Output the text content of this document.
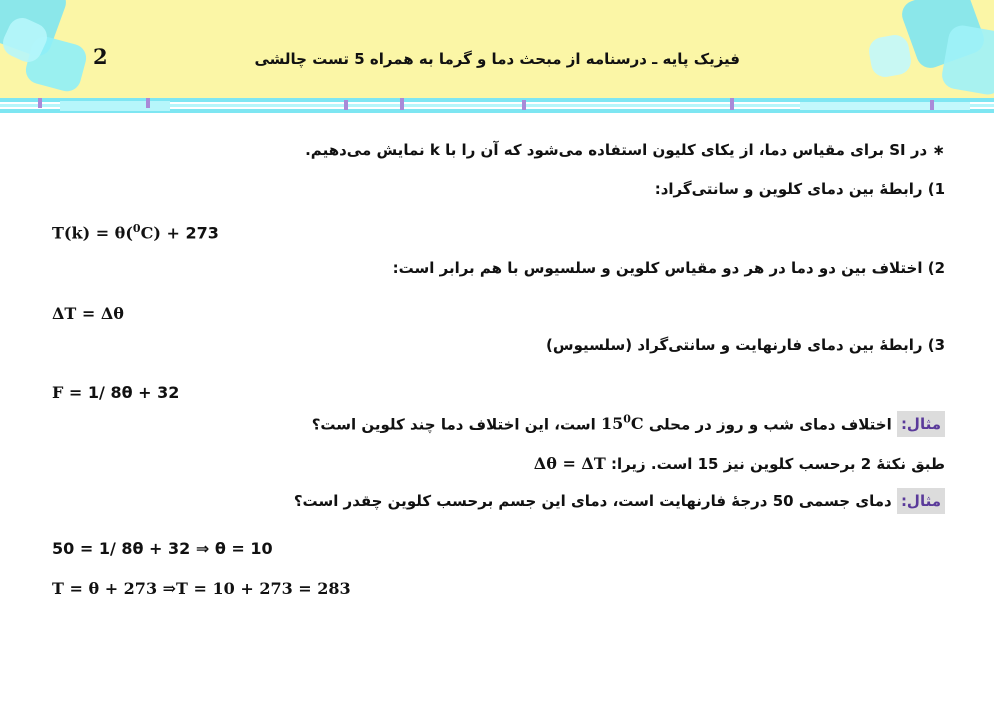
2	فیزیک پایه ـ درسنامه از مبحث دما و گرما به همراه 5 تست چالشی
∗ در SI برای مقیاس دما، از یکای کلیون استفاده می‌شود که آن را با k نمایش می‌دهیم.
1) رابطهٔ بین دمای کلوین و سانتی‌گراد:
T(k) = θ($^0$C) + 273
2) اختلاف بین دو دما در هر دو مقیاس کلوین و سلسیوس با هم برابر است:
ΔT = Δθ
3) رابطهٔ بین دمای فارنهایت و سانتی‌گراد (سلسیوس)
F = 1/ 8θ + 32
مثال: اختلاف دمای شب و روز در محلی $15^0C$ است، این اختلاف دما چند کلوین است؟
طبق نکتهٔ 2 برحسب کلوین نیز 15 است. زیرا: Δθ = ΔT
مثال: دمای جسمی 50 درجهٔ فارنهایت است، دمای این جسم برحسب کلوین چقدر است؟
50 = 1/ 8θ + 32 ⇒ θ = 10
T = θ + 273 ⇒T = 10 + 273 = 283
